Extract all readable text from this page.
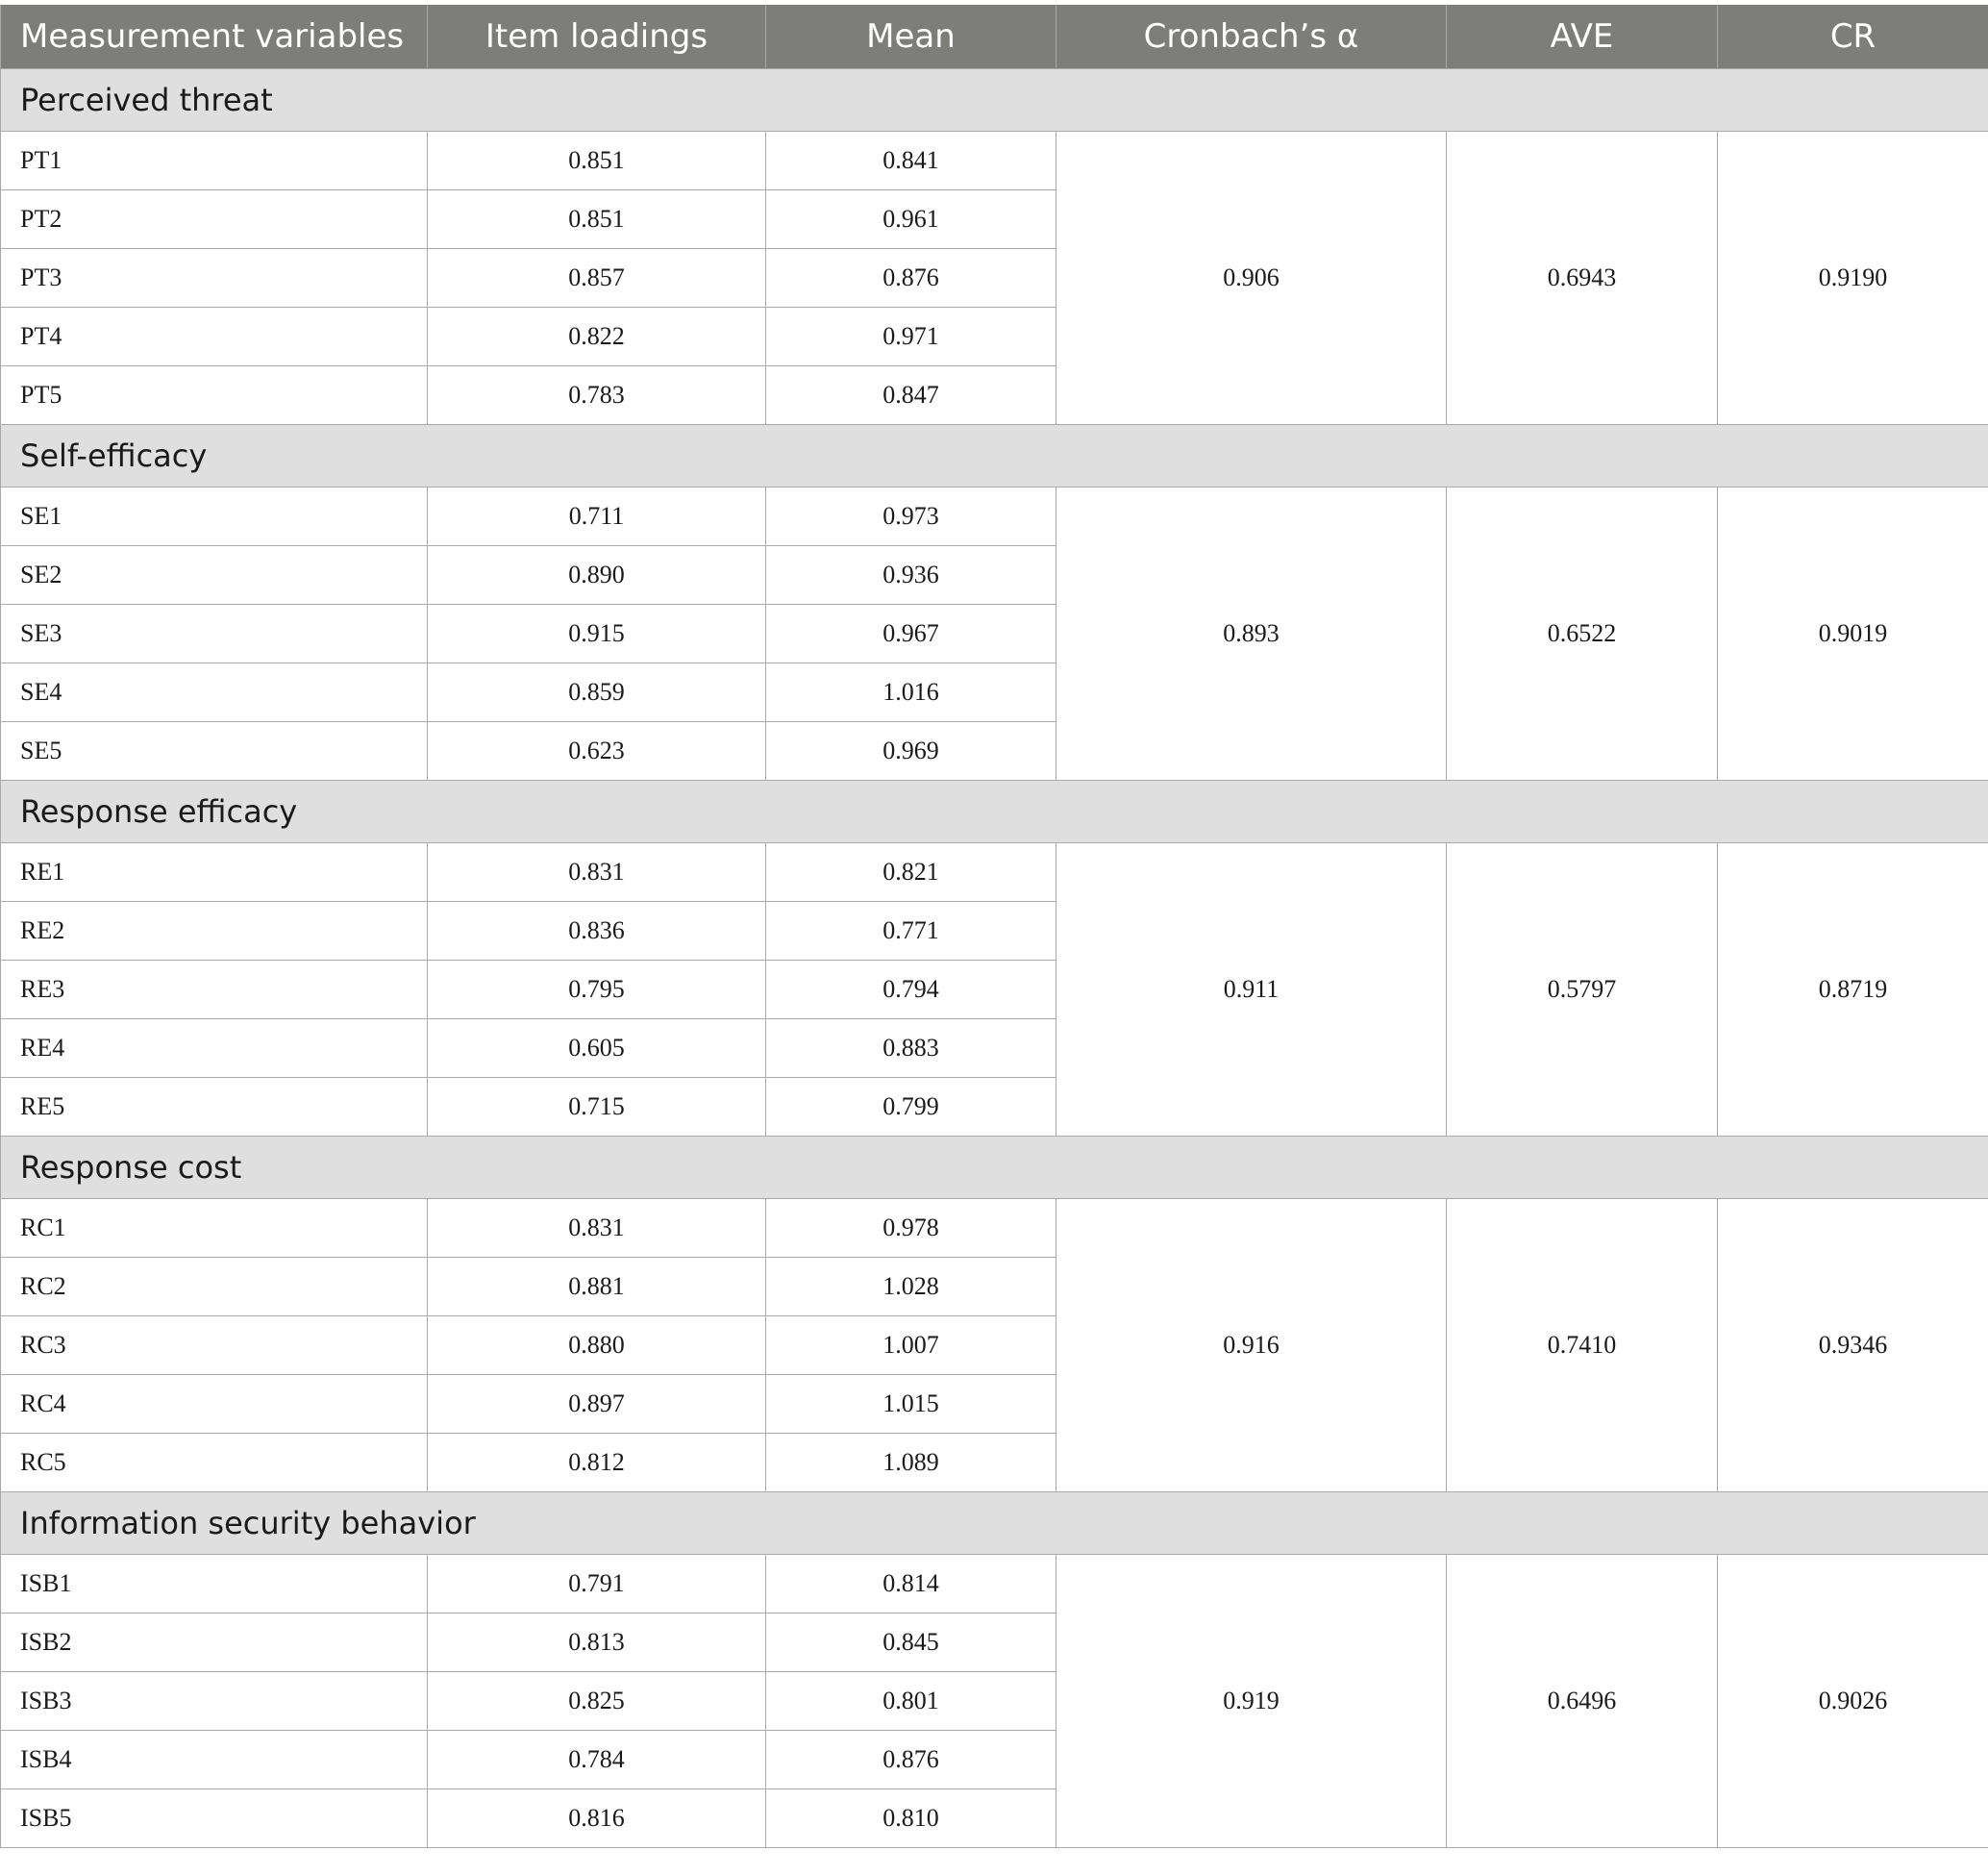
Measurement variables	Item loadings	Mean	Cronbach’s α	AVE	CR
Perceived threat					
PT1	0.851	0.841	0.906	0.6943	0.9190
PT2	0.851	0.961			
PT3	0.857	0.876			
PT4	0.822	0.971			
PT5	0.783	0.847			
Self-efficacy					
SE1	0.711	0.973	0.893	0.6522	0.9019
SE2	0.890	0.936			
SE3	0.915	0.967			
SE4	0.859	1.016			
SE5	0.623	0.969			
Response efficacy					
RE1	0.831	0.821	0.911	0.5797	0.8719
RE2	0.836	0.771			
RE3	0.795	0.794			
RE4	0.605	0.883			
RE5	0.715	0.799			
Response cost					
RC1	0.831	0.978	0.916	0.7410	0.9346
RC2	0.881	1.028			
RC3	0.880	1.007			
RC4	0.897	1.015			
RC5	0.812	1.089			
Information security behavior					
ISB1	0.791	0.814	0.919	0.6496	0.9026
ISB2	0.813	0.845			
ISB3	0.825	0.801			
ISB4	0.784	0.876			
ISB5	0.816	0.810			
